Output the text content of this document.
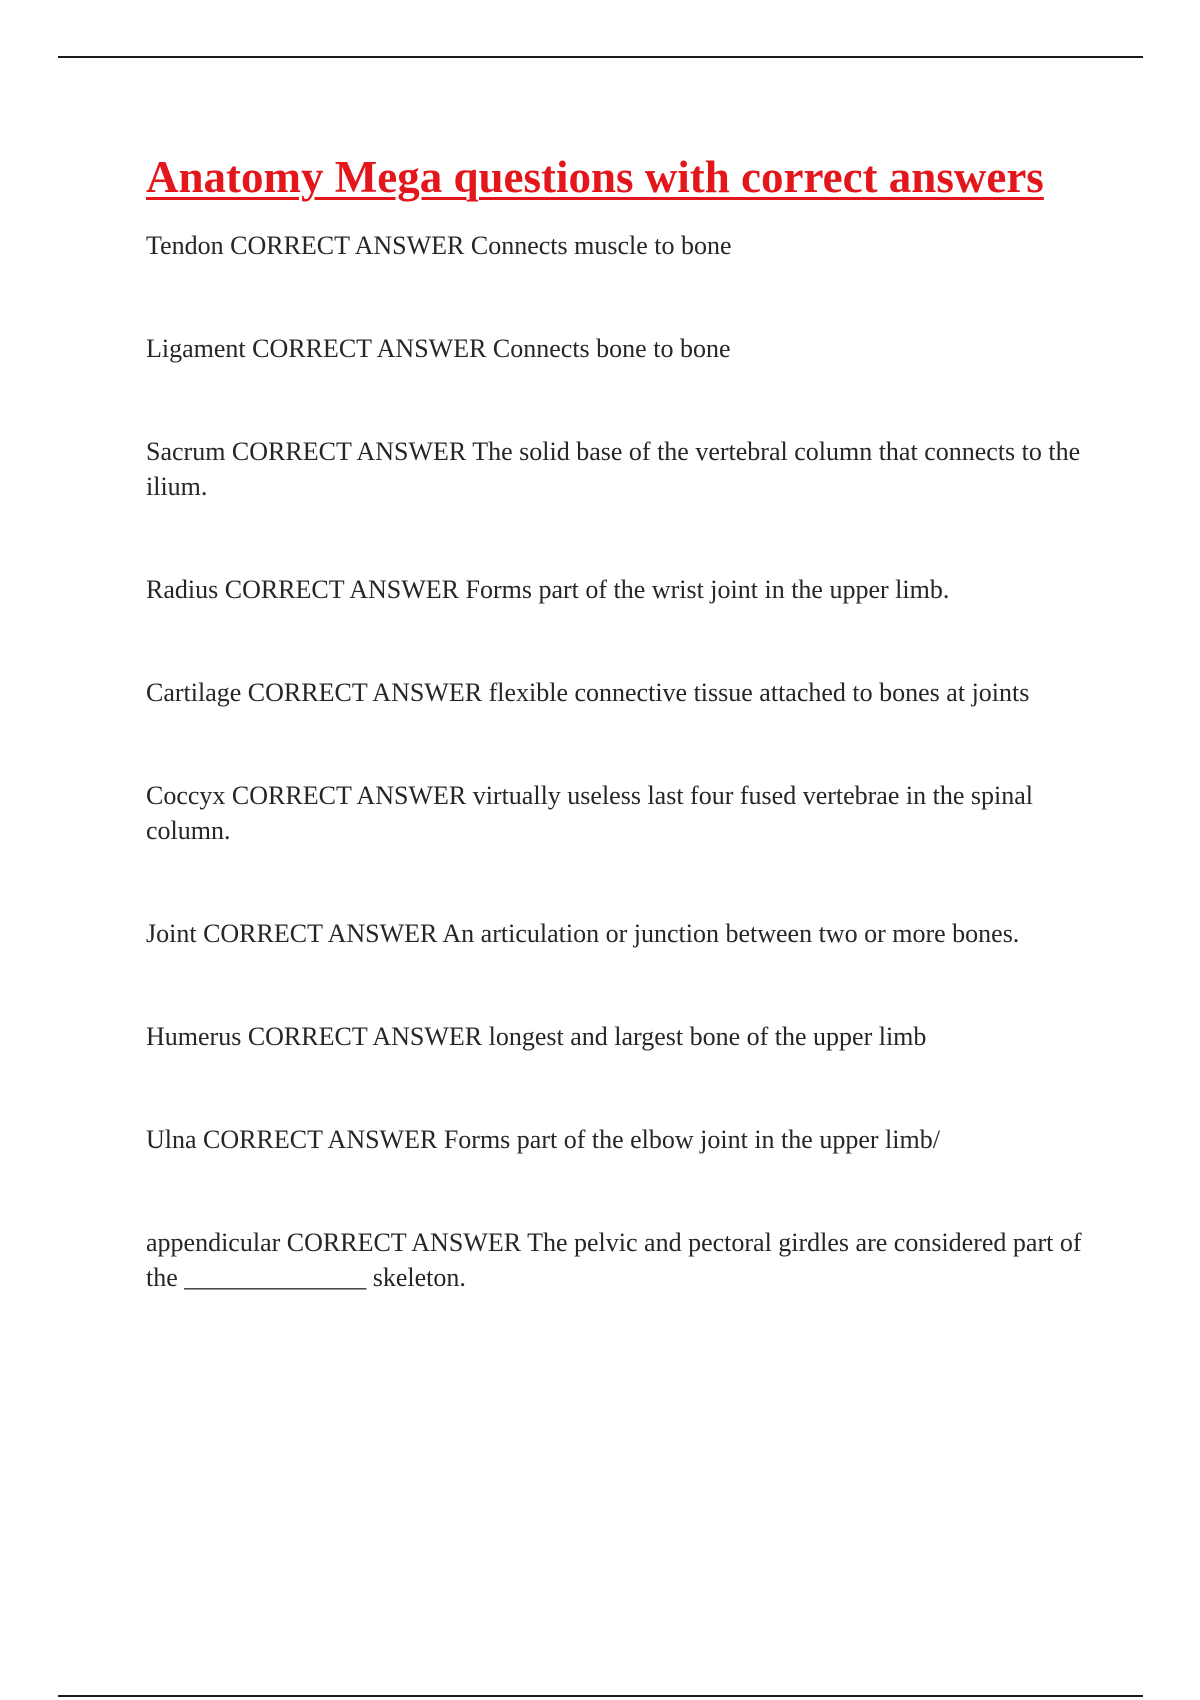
Anatomy Mega questions with correct answers
Tendon CORRECT ANSWER Connects muscle to bone
Ligament CORRECT ANSWER Connects bone to bone
Sacrum CORRECT ANSWER The solid base of the vertebral column that connects to the ilium.
Radius CORRECT ANSWER Forms part of the wrist joint in the upper limb.
Cartilage CORRECT ANSWER flexible connective tissue attached to bones at joints
Coccyx CORRECT ANSWER virtually useless last four fused vertebrae in the spinal column.
Joint CORRECT ANSWER An articulation or junction between two or more bones.
Humerus CORRECT ANSWER longest and largest bone of the upper limb
Ulna CORRECT ANSWER Forms part of the elbow joint in the upper limb/
appendicular CORRECT ANSWER The pelvic and pectoral girdles are considered part of the ______________ skeleton.
